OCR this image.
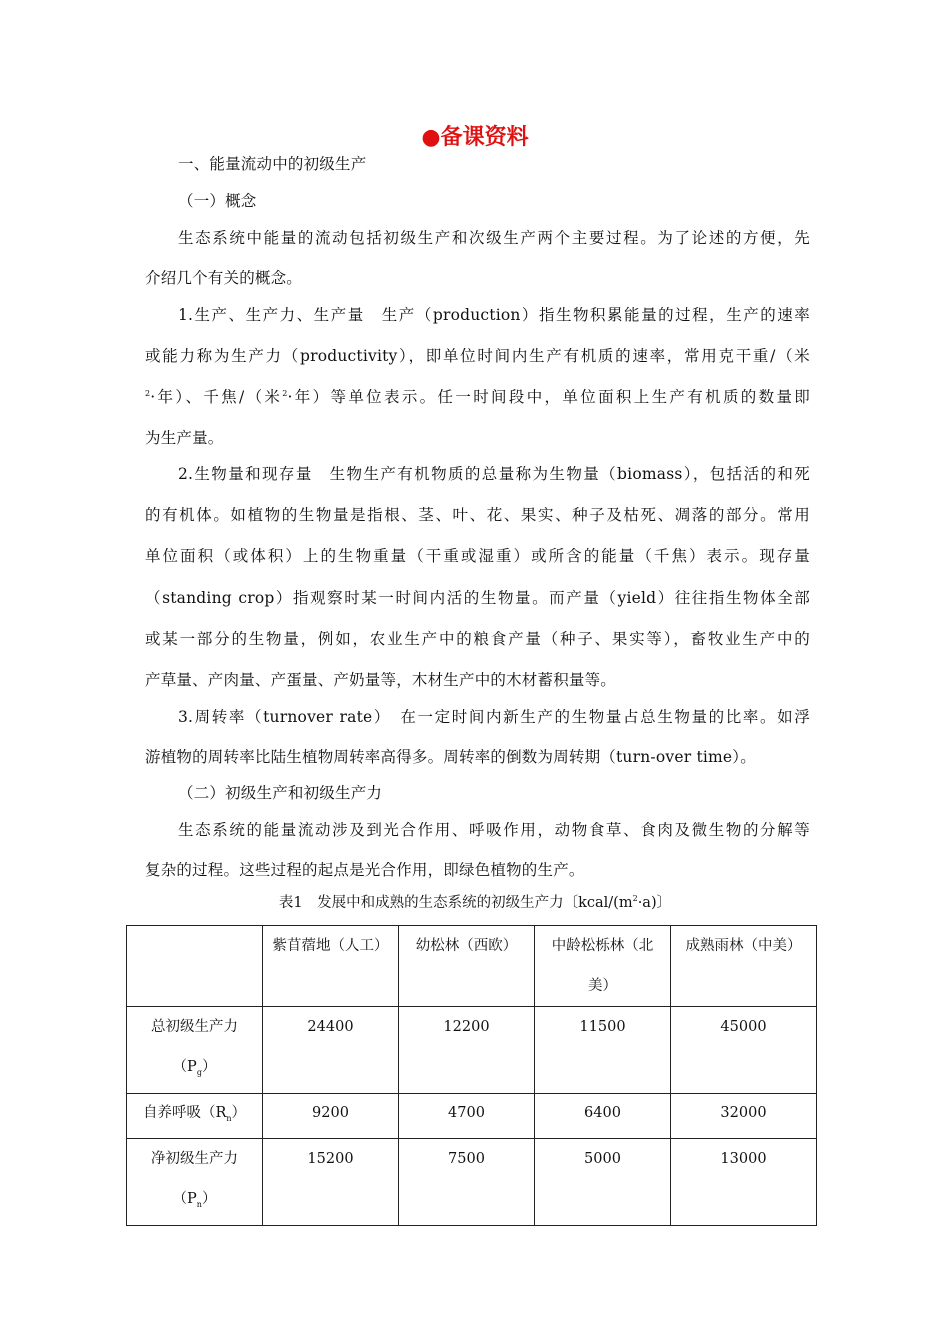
●备课资料
一、能量流动中的初级生产
（一）概念
生态系统中能量的流动包括初级生产和次级生产两个主要过程。为了论述的方便，先
介绍几个有关的概念。
1.生产、生产力、生产量　生产（production）指生物积累能量的过程，生产的速率
或能力称为生产力（productivity），即单位时间内生产有机质的速率，常用克干重/（米
$^2$·年）、千焦/（米$^2$·年）等单位表示。任一时间段中，单位面积上生产有机质的数量即
为生产量。
2.生物量和现存量　生物生产有机物质的总量称为生物量（biomass），包括活的和死
的有机体。如植物的生物量是指根、茎、叶、花、果实、种子及枯死、凋落的部分。常用
单位面积（或体积）上的生物重量（干重或湿重）或所含的能量（千焦）表示。现存量
（standing crop）指观察时某一时间内活的生物量。而产量（yield）往往指生物体全部
或某一部分的生物量，例如，农业生产中的粮食产量（种子、果实等），畜牧业生产中的
产草量、产肉量、产蛋量、产奶量等，木材生产中的木材蓄积量等。
3.周转率（turnover rate）　在一定时间内新生产的生物量占总生物量的比率。如浮
游植物的周转率比陆生植物周转率高得多。周转率的倒数为周转期（turn-over time）。
（二）初级生产和初级生产力
生态系统的能量流动涉及到光合作用、呼吸作用，动物食草、食肉及微生物的分解等
复杂的过程。这些过程的起点是光合作用，即绿色植物的生产。
表1　发展中和成熟的生态系统的初级生产力〔kcal/$(m^2\cdot a)$〕
	紫苜蓿地（人工）	幼松林（西欧）	中龄松栎林（北美）	成熟雨林（中美）
总初级生产力$(P_g)$	24400	12200	11500	45000
自养呼吸$(R_n)$	9200	4700	6400	32000
净初级生产力$(P_n)$	15200	7500	5000	13000
